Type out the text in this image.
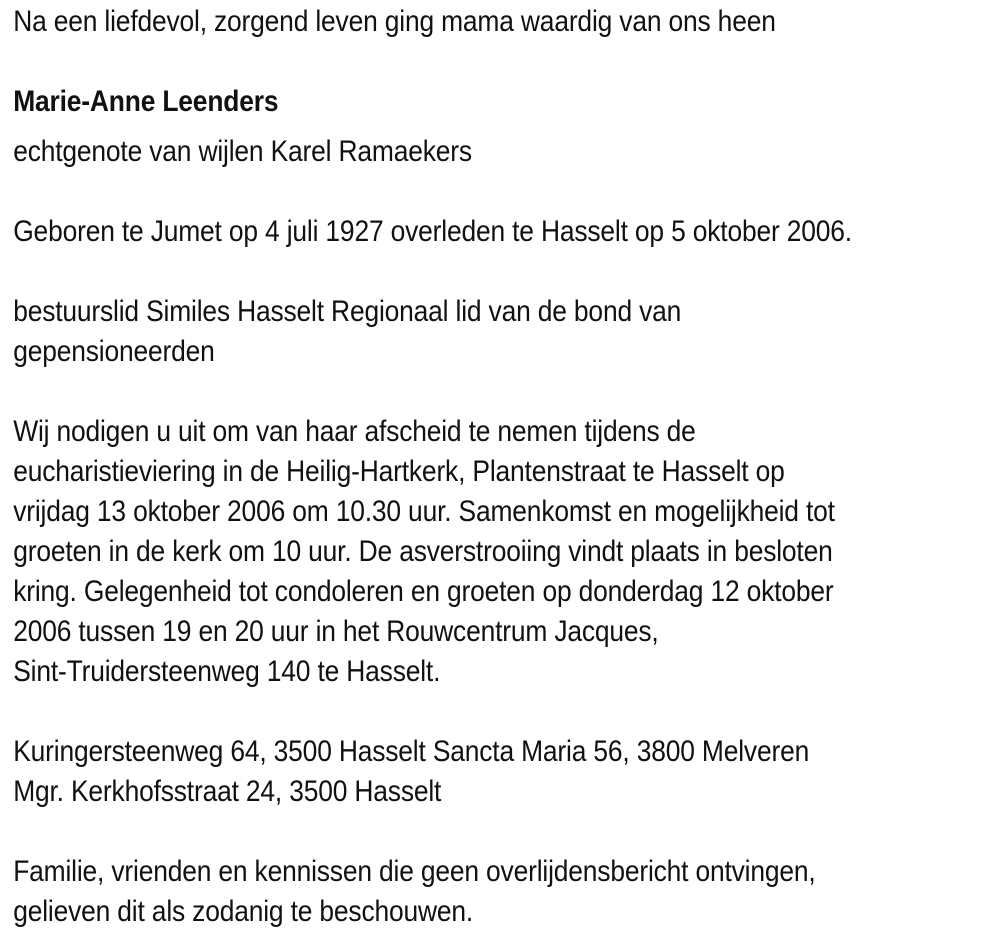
Na een liefdevol, zorgend leven ging mama waardig van ons heen
Marie-Anne Leenders
echtgenote van wijlen Karel Ramaekers
Geboren te Jumet op 4 juli 1927 overleden te Hasselt op 5 oktober 2006.
bestuurslid Similes Hasselt Regionaal lid van de bond van
gepensioneerden
Wij nodigen u uit om van haar afscheid te nemen tijdens de
eucharistieviering in de Heilig-Hartkerk, Plantenstraat te Hasselt op
vrijdag 13 oktober 2006 om 10.30 uur. Samenkomst en mogelijkheid tot
groeten in de kerk om 10 uur. De asverstrooiing vindt plaats in besloten
kring. Gelegenheid tot condoleren en groeten op donderdag 12 oktober
2006 tussen 19 en 20 uur in het Rouwcentrum Jacques,
Sint-Truidersteenweg 140 te Hasselt.
Kuringersteenweg 64, 3500 Hasselt Sancta Maria 56, 3800 Melveren
Mgr. Kerkhofsstraat 24, 3500 Hasselt
Familie, vrienden en kennissen die geen overlijdensbericht ontvingen,
gelieven dit als zodanig te beschouwen.
